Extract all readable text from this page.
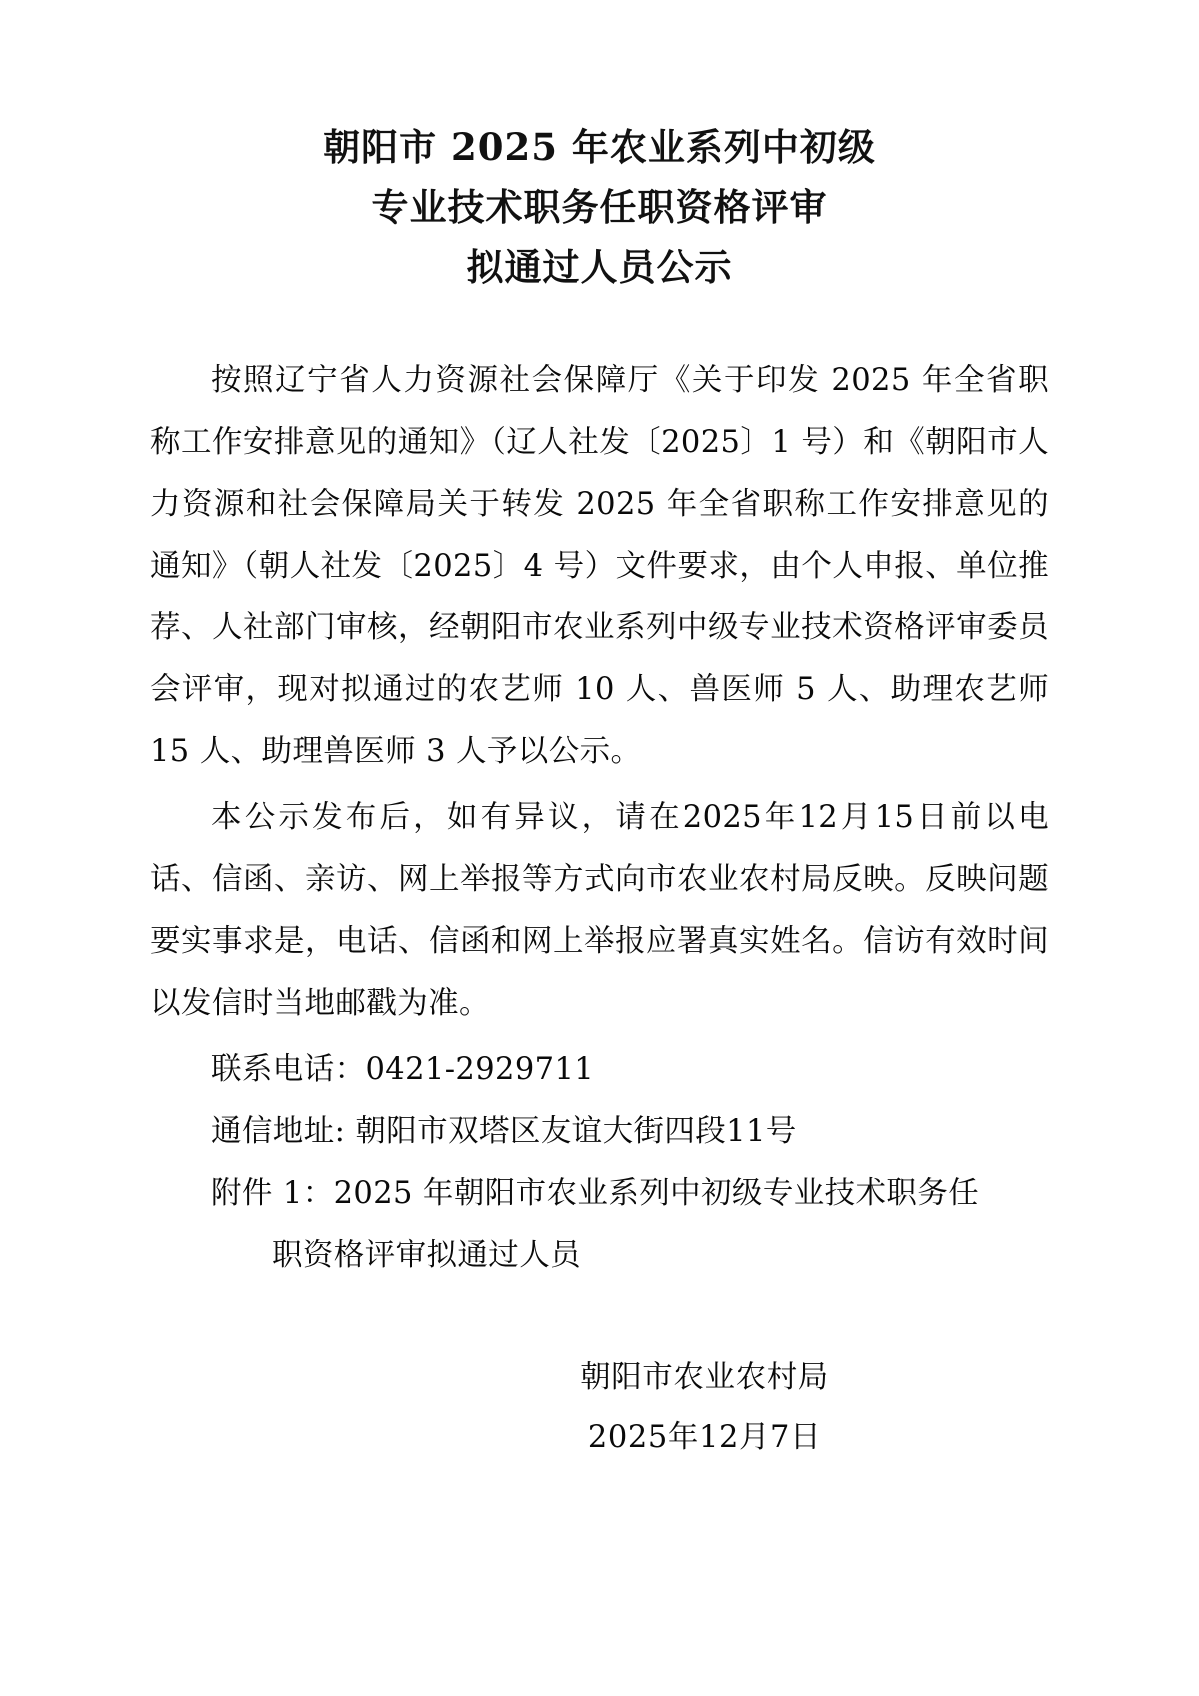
朝阳市 2025 年农业系列中初级
专业技术职务任职资格评审
拟通过人员公示

按照辽宁省人力资源社会保障厅《关于印发 2025 年全省职称工作安排意见的通知》（辽人社发〔2025〕1 号）和《朝阳市人力资源和社会保障局关于转发 2025 年全省职称工作安排意见的通知》（朝人社发〔2025〕4 号）文件要求，由个人申报、单位推荐、人社部门审核，经朝阳市农业系列中级专业技术资格评审委员会评审，现对拟通过的农艺师 10 人、兽医师 5 人、助理农艺师 15 人、助理兽医师 3 人予以公示。

本公示发布后，如有异议，请在2025年12月15日前以电话、信函、亲访、网上举报等方式向市农业农村局反映。反映问题要实事求是，电话、信函和网上举报应署真实姓名。信访有效时间以发信时当地邮戳为准。

联系电话：0421-2929711

通信地址: 朝阳市双塔区友谊大街四段11号

附件 1：2025 年朝阳市农业系列中初级专业技术职务任

职资格评审拟通过人员

朝阳市农业农村局
2025年12月7日
